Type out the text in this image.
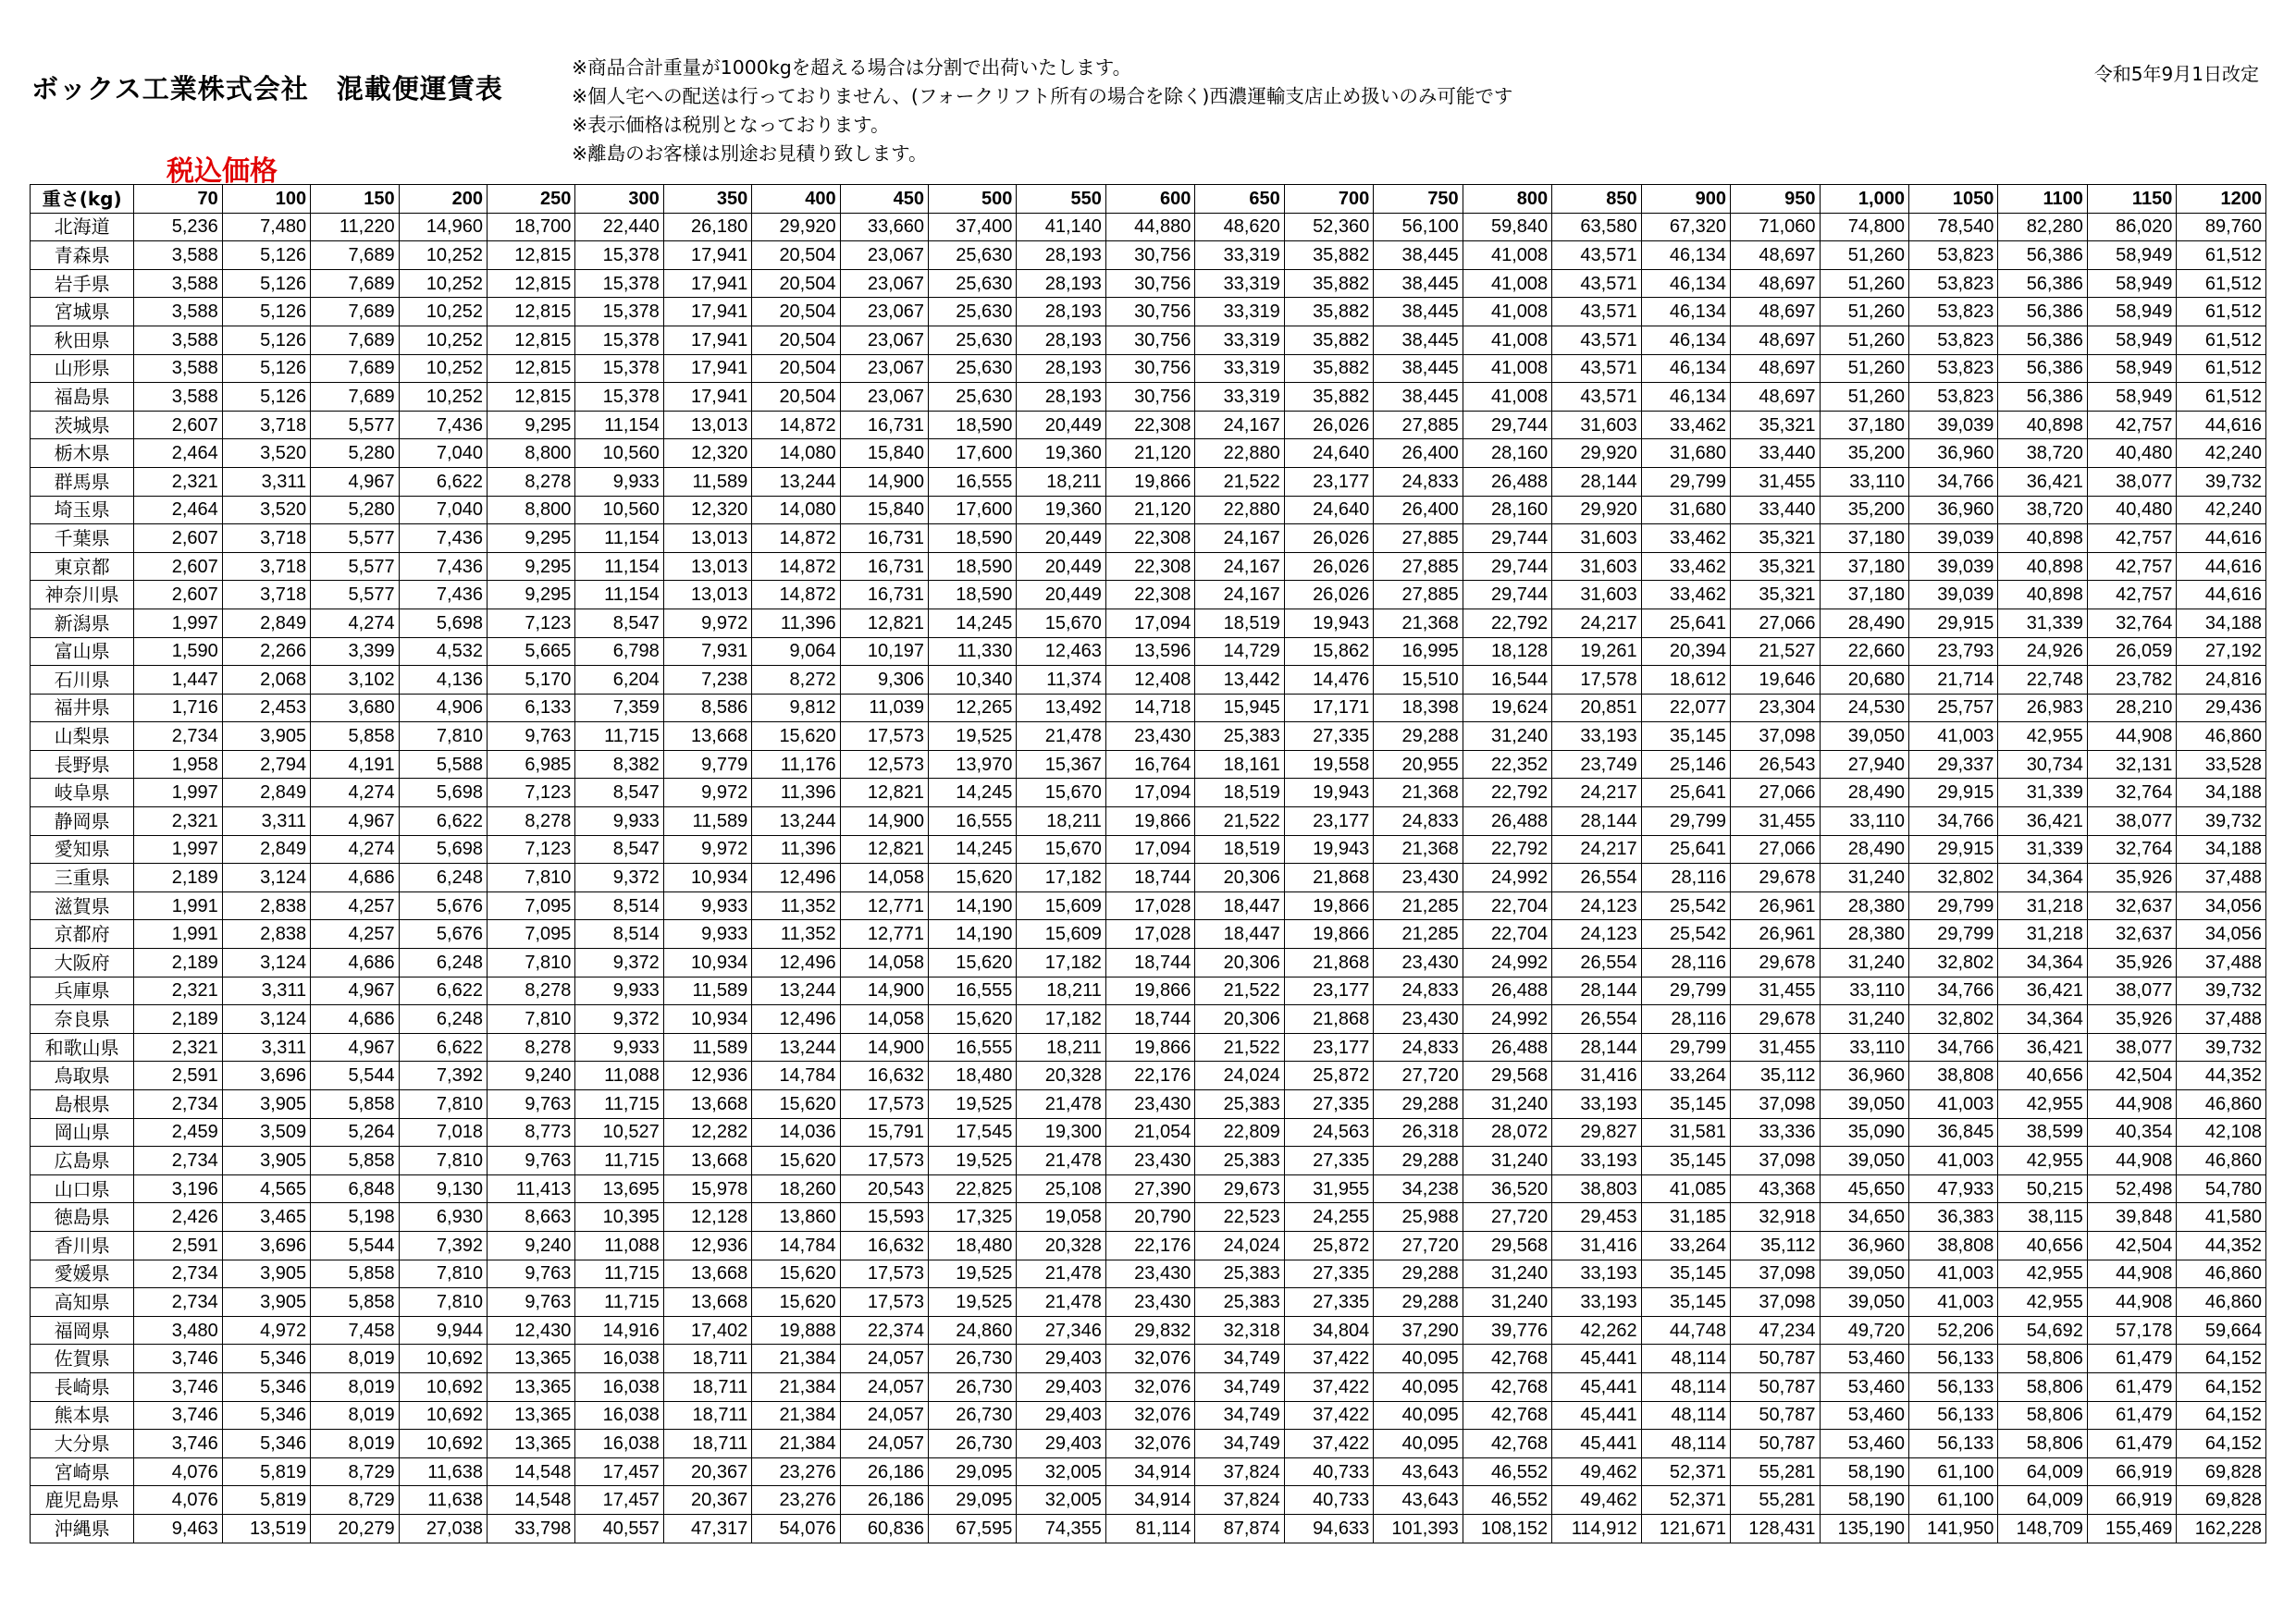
ボックス工業株式会社　混載便運賃表
税込価格
※商品合計重量が1000kgを超える場合は分割で出荷いたします。
※個人宅への配送は行っておりません、(フォークリフト所有の場合を除く)西濃運輸支店止め扱いのみ可能です
※表示価格は税別となっております。
※離島のお客様は別途お見積り致します。
令和5年9月1日改定
重さ(kg)	70	100	150	200	250	300	350	400	450	500	550	600	650	700	750	800	850	900	950	1,000	1050	1100	1150	1200
北海道	5,236	7,480	11,220	14,960	18,700	22,440	26,180	29,920	33,660	37,400	41,140	44,880	48,620	52,360	56,100	59,840	63,580	67,320	71,060	74,800	78,540	82,280	86,020	89,760
青森県	3,588	5,126	7,689	10,252	12,815	15,378	17,941	20,504	23,067	25,630	28,193	30,756	33,319	35,882	38,445	41,008	43,571	46,134	48,697	51,260	53,823	56,386	58,949	61,512
岩手県	3,588	5,126	7,689	10,252	12,815	15,378	17,941	20,504	23,067	25,630	28,193	30,756	33,319	35,882	38,445	41,008	43,571	46,134	48,697	51,260	53,823	56,386	58,949	61,512
宮城県	3,588	5,126	7,689	10,252	12,815	15,378	17,941	20,504	23,067	25,630	28,193	30,756	33,319	35,882	38,445	41,008	43,571	46,134	48,697	51,260	53,823	56,386	58,949	61,512
秋田県	3,588	5,126	7,689	10,252	12,815	15,378	17,941	20,504	23,067	25,630	28,193	30,756	33,319	35,882	38,445	41,008	43,571	46,134	48,697	51,260	53,823	56,386	58,949	61,512
山形県	3,588	5,126	7,689	10,252	12,815	15,378	17,941	20,504	23,067	25,630	28,193	30,756	33,319	35,882	38,445	41,008	43,571	46,134	48,697	51,260	53,823	56,386	58,949	61,512
福島県	3,588	5,126	7,689	10,252	12,815	15,378	17,941	20,504	23,067	25,630	28,193	30,756	33,319	35,882	38,445	41,008	43,571	46,134	48,697	51,260	53,823	56,386	58,949	61,512
茨城県	2,607	3,718	5,577	7,436	9,295	11,154	13,013	14,872	16,731	18,590	20,449	22,308	24,167	26,026	27,885	29,744	31,603	33,462	35,321	37,180	39,039	40,898	42,757	44,616
栃木県	2,464	3,520	5,280	7,040	8,800	10,560	12,320	14,080	15,840	17,600	19,360	21,120	22,880	24,640	26,400	28,160	29,920	31,680	33,440	35,200	36,960	38,720	40,480	42,240
群馬県	2,321	3,311	4,967	6,622	8,278	9,933	11,589	13,244	14,900	16,555	18,211	19,866	21,522	23,177	24,833	26,488	28,144	29,799	31,455	33,110	34,766	36,421	38,077	39,732
埼玉県	2,464	3,520	5,280	7,040	8,800	10,560	12,320	14,080	15,840	17,600	19,360	21,120	22,880	24,640	26,400	28,160	29,920	31,680	33,440	35,200	36,960	38,720	40,480	42,240
千葉県	2,607	3,718	5,577	7,436	9,295	11,154	13,013	14,872	16,731	18,590	20,449	22,308	24,167	26,026	27,885	29,744	31,603	33,462	35,321	37,180	39,039	40,898	42,757	44,616
東京都	2,607	3,718	5,577	7,436	9,295	11,154	13,013	14,872	16,731	18,590	20,449	22,308	24,167	26,026	27,885	29,744	31,603	33,462	35,321	37,180	39,039	40,898	42,757	44,616
神奈川県	2,607	3,718	5,577	7,436	9,295	11,154	13,013	14,872	16,731	18,590	20,449	22,308	24,167	26,026	27,885	29,744	31,603	33,462	35,321	37,180	39,039	40,898	42,757	44,616
新潟県	1,997	2,849	4,274	5,698	7,123	8,547	9,972	11,396	12,821	14,245	15,670	17,094	18,519	19,943	21,368	22,792	24,217	25,641	27,066	28,490	29,915	31,339	32,764	34,188
富山県	1,590	2,266	3,399	4,532	5,665	6,798	7,931	9,064	10,197	11,330	12,463	13,596	14,729	15,862	16,995	18,128	19,261	20,394	21,527	22,660	23,793	24,926	26,059	27,192
石川県	1,447	2,068	3,102	4,136	5,170	6,204	7,238	8,272	9,306	10,340	11,374	12,408	13,442	14,476	15,510	16,544	17,578	18,612	19,646	20,680	21,714	22,748	23,782	24,816
福井県	1,716	2,453	3,680	4,906	6,133	7,359	8,586	9,812	11,039	12,265	13,492	14,718	15,945	17,171	18,398	19,624	20,851	22,077	23,304	24,530	25,757	26,983	28,210	29,436
山梨県	2,734	3,905	5,858	7,810	9,763	11,715	13,668	15,620	17,573	19,525	21,478	23,430	25,383	27,335	29,288	31,240	33,193	35,145	37,098	39,050	41,003	42,955	44,908	46,860
長野県	1,958	2,794	4,191	5,588	6,985	8,382	9,779	11,176	12,573	13,970	15,367	16,764	18,161	19,558	20,955	22,352	23,749	25,146	26,543	27,940	29,337	30,734	32,131	33,528
岐阜県	1,997	2,849	4,274	5,698	7,123	8,547	9,972	11,396	12,821	14,245	15,670	17,094	18,519	19,943	21,368	22,792	24,217	25,641	27,066	28,490	29,915	31,339	32,764	34,188
静岡県	2,321	3,311	4,967	6,622	8,278	9,933	11,589	13,244	14,900	16,555	18,211	19,866	21,522	23,177	24,833	26,488	28,144	29,799	31,455	33,110	34,766	36,421	38,077	39,732
愛知県	1,997	2,849	4,274	5,698	7,123	8,547	9,972	11,396	12,821	14,245	15,670	17,094	18,519	19,943	21,368	22,792	24,217	25,641	27,066	28,490	29,915	31,339	32,764	34,188
三重県	2,189	3,124	4,686	6,248	7,810	9,372	10,934	12,496	14,058	15,620	17,182	18,744	20,306	21,868	23,430	24,992	26,554	28,116	29,678	31,240	32,802	34,364	35,926	37,488
滋賀県	1,991	2,838	4,257	5,676	7,095	8,514	9,933	11,352	12,771	14,190	15,609	17,028	18,447	19,866	21,285	22,704	24,123	25,542	26,961	28,380	29,799	31,218	32,637	34,056
京都府	1,991	2,838	4,257	5,676	7,095	8,514	9,933	11,352	12,771	14,190	15,609	17,028	18,447	19,866	21,285	22,704	24,123	25,542	26,961	28,380	29,799	31,218	32,637	34,056
大阪府	2,189	3,124	4,686	6,248	7,810	9,372	10,934	12,496	14,058	15,620	17,182	18,744	20,306	21,868	23,430	24,992	26,554	28,116	29,678	31,240	32,802	34,364	35,926	37,488
兵庫県	2,321	3,311	4,967	6,622	8,278	9,933	11,589	13,244	14,900	16,555	18,211	19,866	21,522	23,177	24,833	26,488	28,144	29,799	31,455	33,110	34,766	36,421	38,077	39,732
奈良県	2,189	3,124	4,686	6,248	7,810	9,372	10,934	12,496	14,058	15,620	17,182	18,744	20,306	21,868	23,430	24,992	26,554	28,116	29,678	31,240	32,802	34,364	35,926	37,488
和歌山県	2,321	3,311	4,967	6,622	8,278	9,933	11,589	13,244	14,900	16,555	18,211	19,866	21,522	23,177	24,833	26,488	28,144	29,799	31,455	33,110	34,766	36,421	38,077	39,732
鳥取県	2,591	3,696	5,544	7,392	9,240	11,088	12,936	14,784	16,632	18,480	20,328	22,176	24,024	25,872	27,720	29,568	31,416	33,264	35,112	36,960	38,808	40,656	42,504	44,352
島根県	2,734	3,905	5,858	7,810	9,763	11,715	13,668	15,620	17,573	19,525	21,478	23,430	25,383	27,335	29,288	31,240	33,193	35,145	37,098	39,050	41,003	42,955	44,908	46,860
岡山県	2,459	3,509	5,264	7,018	8,773	10,527	12,282	14,036	15,791	17,545	19,300	21,054	22,809	24,563	26,318	28,072	29,827	31,581	33,336	35,090	36,845	38,599	40,354	42,108
広島県	2,734	3,905	5,858	7,810	9,763	11,715	13,668	15,620	17,573	19,525	21,478	23,430	25,383	27,335	29,288	31,240	33,193	35,145	37,098	39,050	41,003	42,955	44,908	46,860
山口県	3,196	4,565	6,848	9,130	11,413	13,695	15,978	18,260	20,543	22,825	25,108	27,390	29,673	31,955	34,238	36,520	38,803	41,085	43,368	45,650	47,933	50,215	52,498	54,780
徳島県	2,426	3,465	5,198	6,930	8,663	10,395	12,128	13,860	15,593	17,325	19,058	20,790	22,523	24,255	25,988	27,720	29,453	31,185	32,918	34,650	36,383	38,115	39,848	41,580
香川県	2,591	3,696	5,544	7,392	9,240	11,088	12,936	14,784	16,632	18,480	20,328	22,176	24,024	25,872	27,720	29,568	31,416	33,264	35,112	36,960	38,808	40,656	42,504	44,352
愛媛県	2,734	3,905	5,858	7,810	9,763	11,715	13,668	15,620	17,573	19,525	21,478	23,430	25,383	27,335	29,288	31,240	33,193	35,145	37,098	39,050	41,003	42,955	44,908	46,860
高知県	2,734	3,905	5,858	7,810	9,763	11,715	13,668	15,620	17,573	19,525	21,478	23,430	25,383	27,335	29,288	31,240	33,193	35,145	37,098	39,050	41,003	42,955	44,908	46,860
福岡県	3,480	4,972	7,458	9,944	12,430	14,916	17,402	19,888	22,374	24,860	27,346	29,832	32,318	34,804	37,290	39,776	42,262	44,748	47,234	49,720	52,206	54,692	57,178	59,664
佐賀県	3,746	5,346	8,019	10,692	13,365	16,038	18,711	21,384	24,057	26,730	29,403	32,076	34,749	37,422	40,095	42,768	45,441	48,114	50,787	53,460	56,133	58,806	61,479	64,152
長崎県	3,746	5,346	8,019	10,692	13,365	16,038	18,711	21,384	24,057	26,730	29,403	32,076	34,749	37,422	40,095	42,768	45,441	48,114	50,787	53,460	56,133	58,806	61,479	64,152
熊本県	3,746	5,346	8,019	10,692	13,365	16,038	18,711	21,384	24,057	26,730	29,403	32,076	34,749	37,422	40,095	42,768	45,441	48,114	50,787	53,460	56,133	58,806	61,479	64,152
大分県	3,746	5,346	8,019	10,692	13,365	16,038	18,711	21,384	24,057	26,730	29,403	32,076	34,749	37,422	40,095	42,768	45,441	48,114	50,787	53,460	56,133	58,806	61,479	64,152
宮崎県	4,076	5,819	8,729	11,638	14,548	17,457	20,367	23,276	26,186	29,095	32,005	34,914	37,824	40,733	43,643	46,552	49,462	52,371	55,281	58,190	61,100	64,009	66,919	69,828
鹿児島県	4,076	5,819	8,729	11,638	14,548	17,457	20,367	23,276	26,186	29,095	32,005	34,914	37,824	40,733	43,643	46,552	49,462	52,371	55,281	58,190	61,100	64,009	66,919	69,828
沖縄県	9,463	13,519	20,279	27,038	33,798	40,557	47,317	54,076	60,836	67,595	74,355	81,114	87,874	94,633	101,393	108,152	114,912	121,671	128,431	135,190	141,950	148,709	155,469	162,228
